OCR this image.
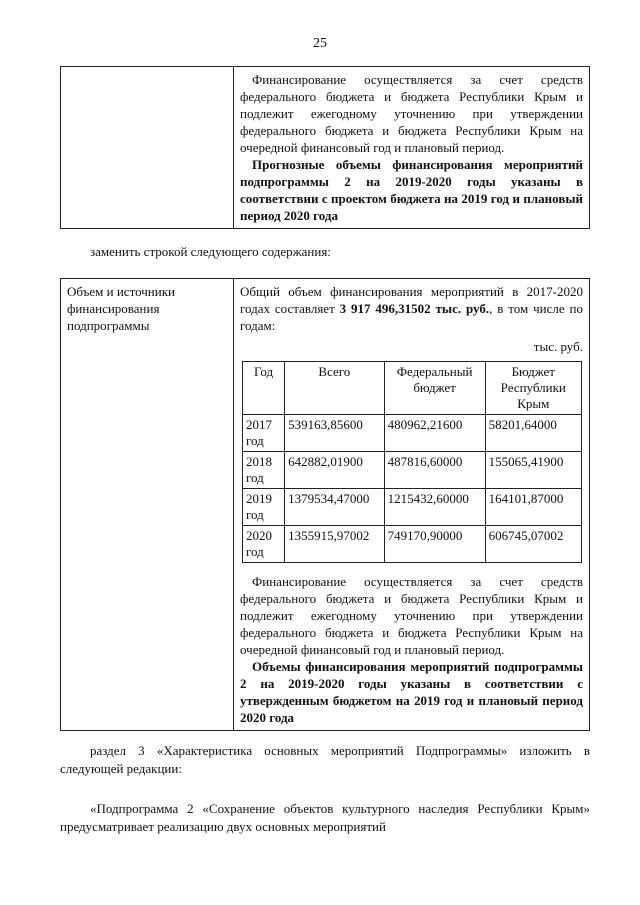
25

Финансирование осуществляется за счет средств федерального бюджета и бюджета Республики Крым и подлежит ежегодному уточнению при утверждении федерального бюджета и бюджета Республики Крым на очередной финансовый год и плановый период.
Прогнозные объемы финансирования мероприятий подпрограммы 2 на 2019-2020 годы указаны в соответствии с проектом бюджета на 2019 год и плановый период 2020 года
заменить строкой следующего содержания:
Объем и источники финансирования подпрограммы

Общий объем финансирования мероприятий в 2017-2020 годах составляет 3 917 496,31502 тыс. руб., в том числе по годам:
тыс. руб.
Год	Всего	Федеральный бюджет	Бюджет Республики Крым
2017 год	539163,85600	480962,21600	58201,64000
2018 год	642882,01900	487816,60000	155065,41900
2019 год	1379534,47000	1215432,60000	164101,87000
2020 год	1355915,97002	749170,90000	606745,07002
Финансирование осуществляется за счет средств федерального бюджета и бюджета Республики Крым и подлежит ежегодному уточнению при утверждении федерального бюджета и бюджета Республики Крым на очередной финансовый год и плановый период.
Объемы финансирования мероприятий подпрограммы 2 на 2019-2020 годы указаны в соответствии с утвержденным бюджетом на 2019 год и плановый период 2020 года
раздел 3 «Характеристика основных мероприятий Подпрограммы» изложить в следующей редакции:
«Подпрограмма 2 «Сохранение объектов культурного наследия Республики Крым» предусматривает реализацию двух основных мероприятий
